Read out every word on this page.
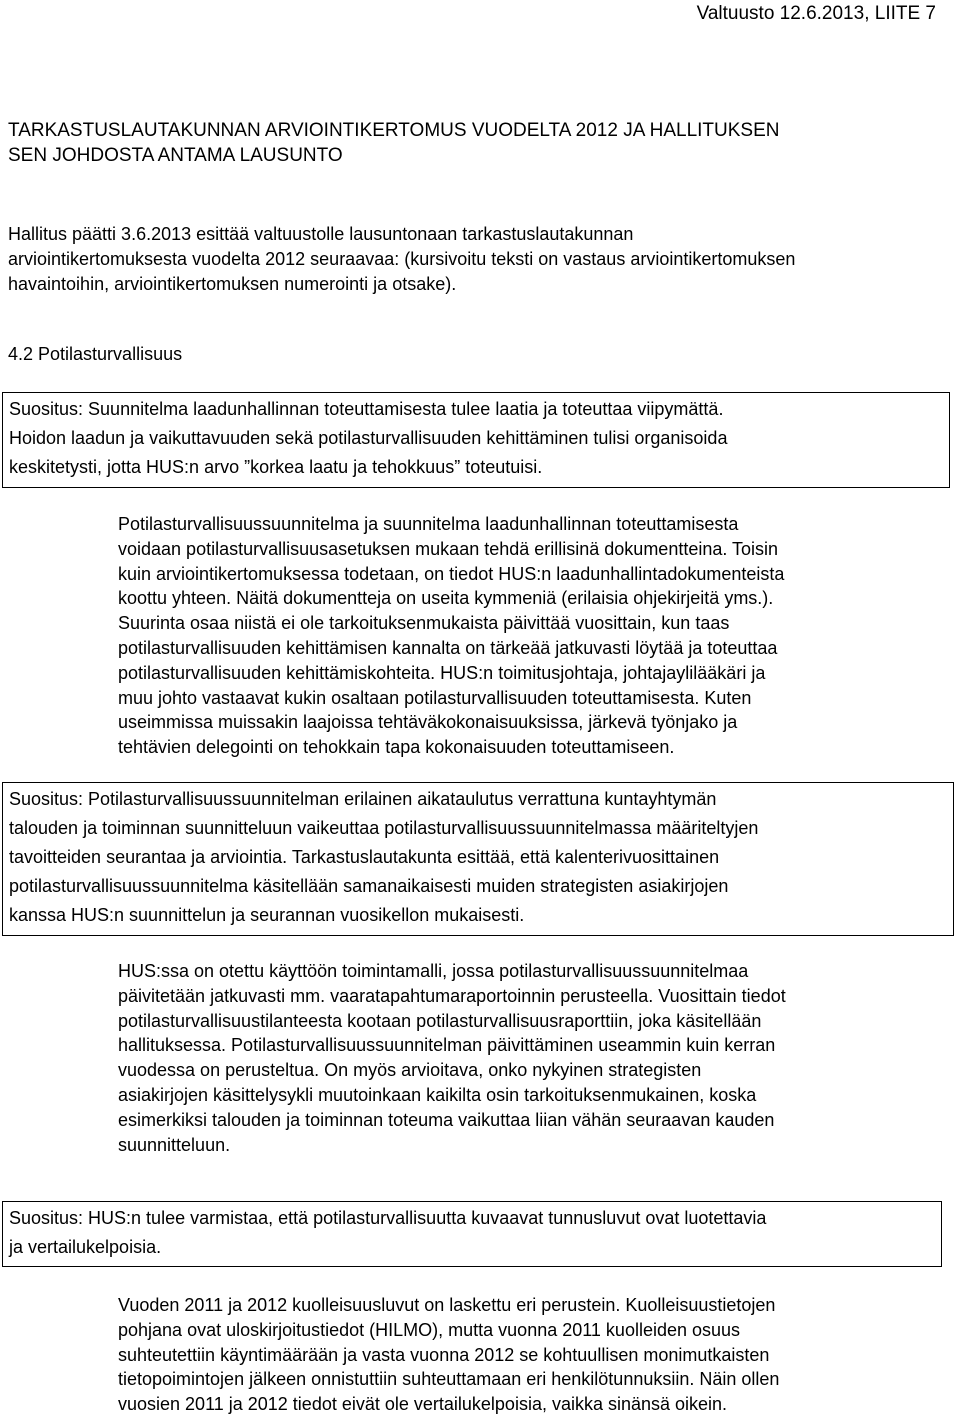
Valtuusto 12.6.2013, LIITE 7
TARKASTUSLAUTAKUNNAN ARVIOINTIKERTOMUS VUODELTA 2012 JA HALLITUKSEN
SEN JOHDOSTA ANTAMA LAUSUNTO
Hallitus päätti 3.6.2013 esittää valtuustolle lausuntonaan tarkastuslautakunnan
arviointikertomuksesta vuodelta 2012 seuraavaa: (kursivoitu teksti on vastaus arviointikertomuksen
havaintoihin, arviointikertomuksen numerointi ja otsake).
4.2 Potilasturvallisuus
Suositus: Suunnitelma laadunhallinnan toteuttamisesta tulee laatia ja toteuttaa viipymättä.
Hoidon laadun ja vaikuttavuuden sekä potilasturvallisuuden kehittäminen tulisi organisoida
keskitetysti, jotta HUS:n arvo ”korkea laatu ja tehokkuus” toteutuisi.

Potilasturvallisuussuunnitelma ja suunnitelma laadunhallinnan toteuttamisesta

voidaan potilasturvallisuusasetuksen mukaan tehdä erillisinä dokumentteina. Toisin

kuin arviointikertomuksessa todetaan, on tiedot HUS:n laadunhallintadokumenteista

koottu yhteen. Näitä dokumentteja on useita kymmeniä (erilaisia ohjekirjeitä yms.).

Suurinta osaa niistä ei ole tarkoituksenmukaista päivittää vuosittain, kun taas

potilasturvallisuuden kehittämisen kannalta on tärkeää jatkuvasti löytää ja toteuttaa

potilasturvallisuuden kehittämiskohteita. HUS:n toimitusjohtaja, johtajaylilääkäri ja

muu johto vastaavat kukin osaltaan potilasturvallisuuden toteuttamisesta. Kuten

useimmissa muissakin laajoissa tehtäväkokonaisuuksissa, järkevä työnjako ja

tehtävien delegointi on tehokkain tapa kokonaisuuden toteuttamiseen.

Suositus: Potilasturvallisuussuunnitelman erilainen aikataulutus verrattuna kuntayhtymän
talouden ja toiminnan suunnitteluun vaikeuttaa potilasturvallisuussuunnitelmassa määriteltyjen
tavoitteiden seurantaa ja arviointia. Tarkastuslautakunta esittää, että kalenterivuosittainen
potilasturvallisuussuunnitelma käsitellään samanaikaisesti muiden strategisten asiakirjojen
kanssa HUS:n suunnittelun ja seurannan vuosikellon mukaisesti.

HUS:ssa on otettu käyttöön toimintamalli, jossa potilasturvallisuussuunnitelmaa

päivitetään jatkuvasti mm. vaaratapahtumaraportoinnin perusteella. Vuosittain tiedot

potilasturvallisuustilanteesta kootaan potilasturvallisuusraporttiin, joka käsitellään

hallituksessa. Potilasturvallisuussuunnitelman päivittäminen useammin kuin kerran

vuodessa on perusteltua. On myös arvioitava, onko nykyinen strategisten

asiakirjojen käsittelysykli muutoinkaan kaikilta osin tarkoituksenmukainen, koska

esimerkiksi talouden ja toiminnan toteuma vaikuttaa liian vähän seuraavan kauden

suunnitteluun.

Suositus: HUS:n tulee varmistaa, että potilasturvallisuutta kuvaavat tunnusluvut ovat luotettavia
ja vertailukelpoisia.

Vuoden 2011 ja 2012 kuolleisuusluvut on laskettu eri perustein. Kuolleisuustietojen

pohjana ovat uloskirjoitustiedot (HILMO), mutta vuonna 2011 kuolleiden osuus

suhteutettiin käyntimäärään ja vasta vuonna 2012 se kohtuullisen monimutkaisten

tietopoimintojen jälkeen onnistuttiin suhteuttamaan eri henkilötunnuksiin. Näin ollen

vuosien 2011 ja 2012 tiedot eivät ole vertailukelpoisia, vaikka sinänsä oikein.
